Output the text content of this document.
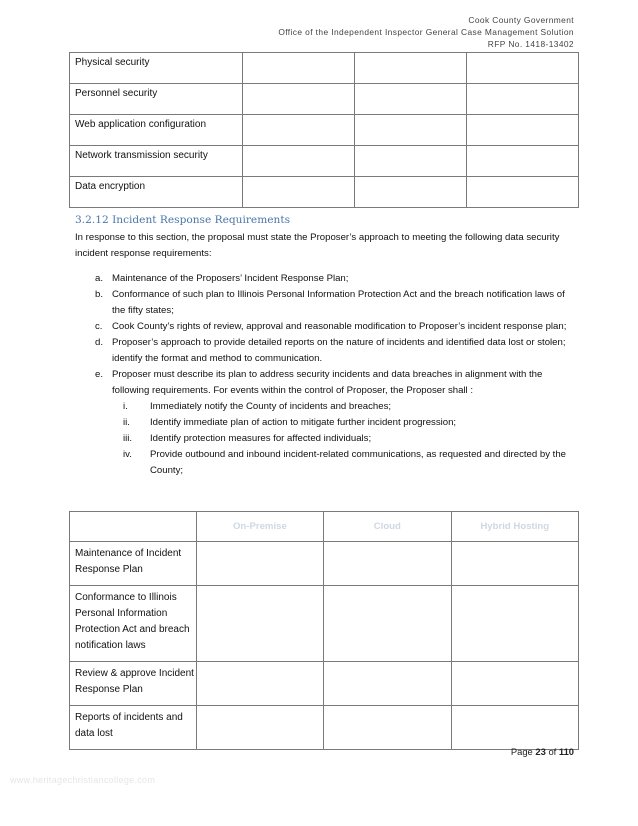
Cook County Government
Office of the Independent Inspector General Case Management Solution
RFP No. 1418-13402
Physical security			
Personnel security			
Web application configuration			
Network transmission security			
Data encryption			
3.2.12 Incident Response Requirements
In response to this section, the proposal must state the Proposer’s approach to meeting the following data security incident response requirements:
a. Maintenance of the Proposers’ Incident Response Plan;
b. Conformance of such plan to Illinois Personal Information Protection Act and the breach notification laws of the fifty states;
c. Cook County’s rights of review, approval and reasonable modification to Proposer’s incident response plan;
d. Proposer’s approach to provide detailed reports on the nature of incidents and identified data lost or stolen; identify the format and method to communication.
e. Proposer must describe its plan to address security incidents and data breaches in alignment with the following requirements. For events within the control of Proposer, the Proposer shall :
i.	Immediately notify the County of incidents and breaches;
ii.	Identify immediate plan of action to mitigate further incident progression;
iii.	Identify protection measures for affected individuals;
iv.	Provide outbound and inbound incident-related communications, as requested and directed by the County;
	On-Premise	Cloud	Hybrid Hosting
Maintenance of Incident Response Plan			
Conformance to Illinois Personal Information Protection Act and breach notification laws			
Review & approve Incident Response Plan			
Reports of incidents and data lost			
Page 23 of 110
www.heritagechristiancollege.com
